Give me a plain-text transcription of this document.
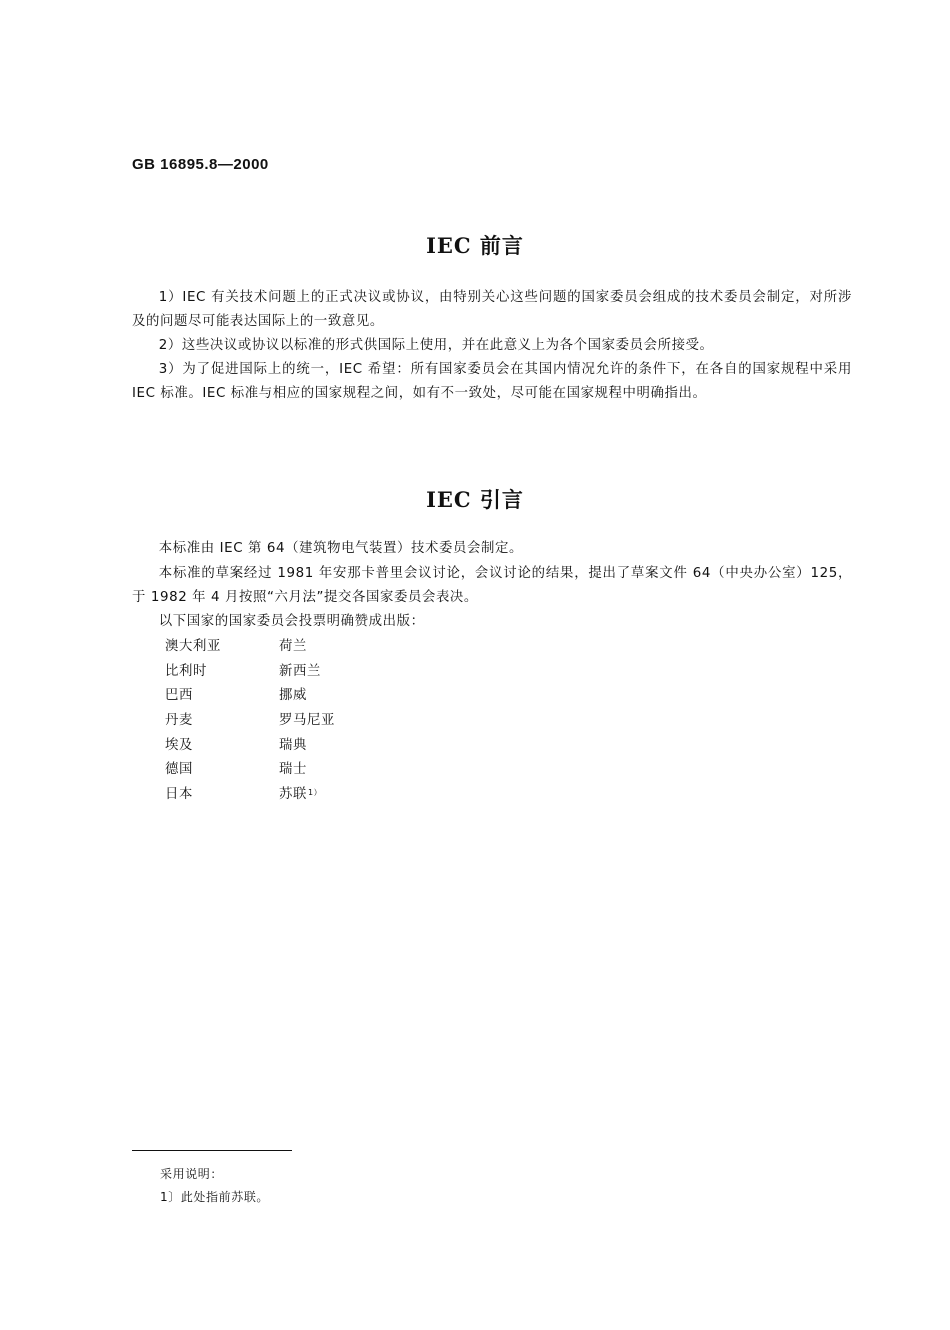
GB 16895.8—2000
IEC 前言

1）IEC 有关技术问题上的正式决议或协议，由特别关心这些问题的国家委员会组成的技术委员会制定，对所涉及的问题尽可能表达国际上的一致意见。

2）这些决议或协议以标准的形式供国际上使用，并在此意义上为各个国家委员会所接受。

3）为了促进国际上的统一，IEC 希望：所有国家委员会在其国内情况允许的条件下，在各自的国家规程中采用 IEC 标准。IEC 标准与相应的国家规程之间，如有不一致处，尽可能在国家规程中明确指出。

IEC 引言

本标准由 IEC 第 64（建筑物电气装置）技术委员会制定。

本标准的草案经过 1981 年安那卡普里会议讨论，会议讨论的结果，提出了草案文件 64（中央办公室）125，于 1982 年 4 月按照“六月法”提交各国家委员会表决。

以下国家的国家委员会投票明确赞成出版：

澳大利亚	荷兰
比利时	新西兰
巴西	挪威
丹麦	罗马尼亚
埃及	瑞典
德国	瑞士
日本	苏联$^{1)}$
采用说明：
1〕此处指前苏联。
